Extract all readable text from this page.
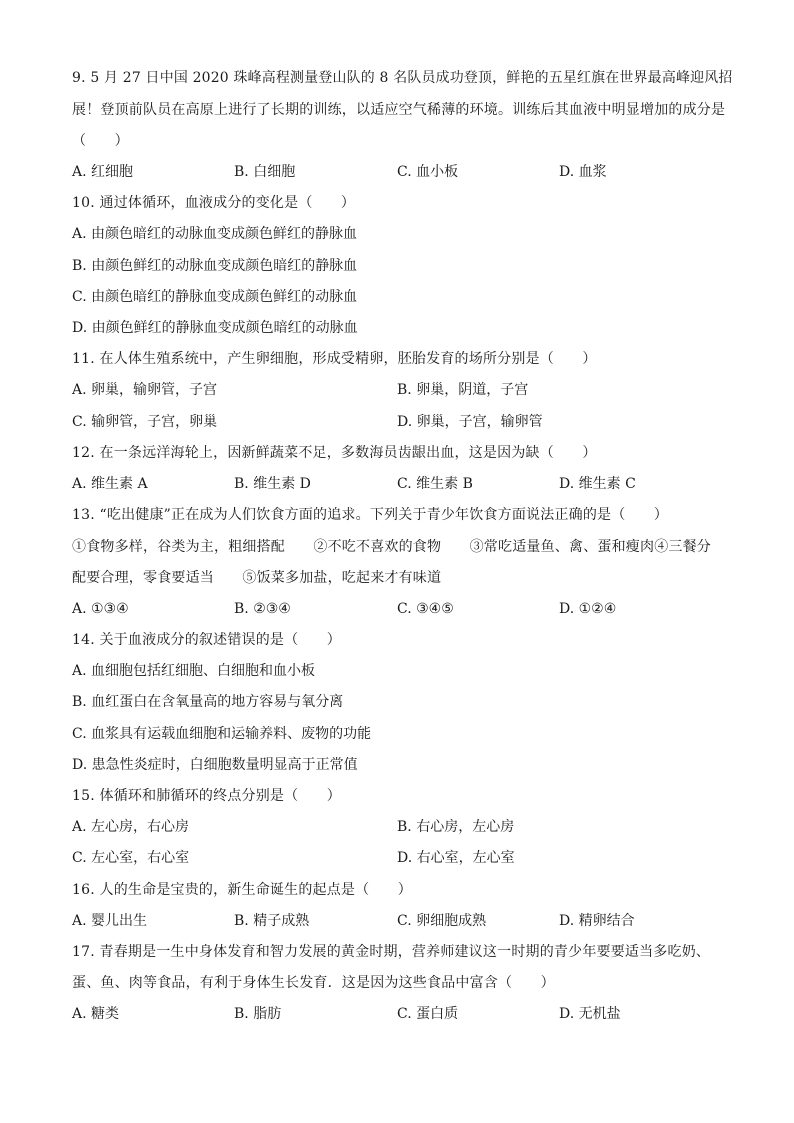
9. 5 月 27 日中国 2020 珠峰高程测量登山队的 8 名队员成功登顶，鲜艳的五星红旗在世界最高峰迎风招
展！登顶前队员在高原上进行了长期的训练，以适应空气稀薄的环境。训练后其血液中明显增加的成分是
（　　）
A. 红细胞	B. 白细胞	C. 血小板	D. 血浆
10. 通过体循环，血液成分的变化是（　　）
A. 由颜色暗红的动脉血变成颜色鲜红的静脉血
B. 由颜色鲜红的动脉血变成颜色暗红的静脉血
C. 由颜色暗红的静脉血变成颜色鲜红的动脉血
D. 由颜色鲜红的静脉血变成颜色暗红的动脉血
11. 在人体生殖系统中，产生卵细胞，形成受精卵，胚胎发育的场所分别是（　　）
A. 卵巢，输卵管，子宫	B. 卵巢，阴道，子宫
C. 输卵管，子宫，卵巢	D. 卵巢，子宫，输卵管
12. 在一条远洋海轮上，因新鲜蔬菜不足，多数海员齿龈出血，这是因为缺（　　）
A. 维生素 A	B. 维生素 D	C. 维生素 B	D. 维生素 C
13. “吃出健康”正在成为人们饮食方面的追求。下列关于青少年饮食方面说法正确的是（　　）
①食物多样，谷类为主，粗细搭配　　②不吃不喜欢的食物　　③常吃适量鱼、禽、蛋和瘦肉④三餐分
配要合理，零食要适当　　⑤饭菜多加盐，吃起来才有味道
A. ①③④	B. ②③④	C. ③④⑤	D. ①②④
14. 关于血液成分的叙述错误的是（　　）
A. 血细胞包括红细胞、白细胞和血小板
B. 血红蛋白在含氧量高的地方容易与氧分离
C. 血浆具有运载血细胞和运输养料、废物的功能
D. 患急性炎症时，白细胞数量明显高于正常值
15. 体循环和肺循环的终点分别是（　　）
A. 左心房，右心房	B. 右心房，左心房
C. 左心室，右心室	D. 右心室，左心室
16. 人的生命是宝贵的，新生命诞生的起点是（　　）
A. 婴儿出生	B. 精子成熟	C. 卵细胞成熟	D. 精卵结合
17. 青春期是一生中身体发育和智力发展的黄金时期，营养师建议这一时期的青少年要要适当多吃奶、
蛋、鱼、肉等食品，有利于身体生长发育．这是因为这些食品中富含（　　）
A. 糖类	B. 脂肪	C. 蛋白质	D. 无机盐
